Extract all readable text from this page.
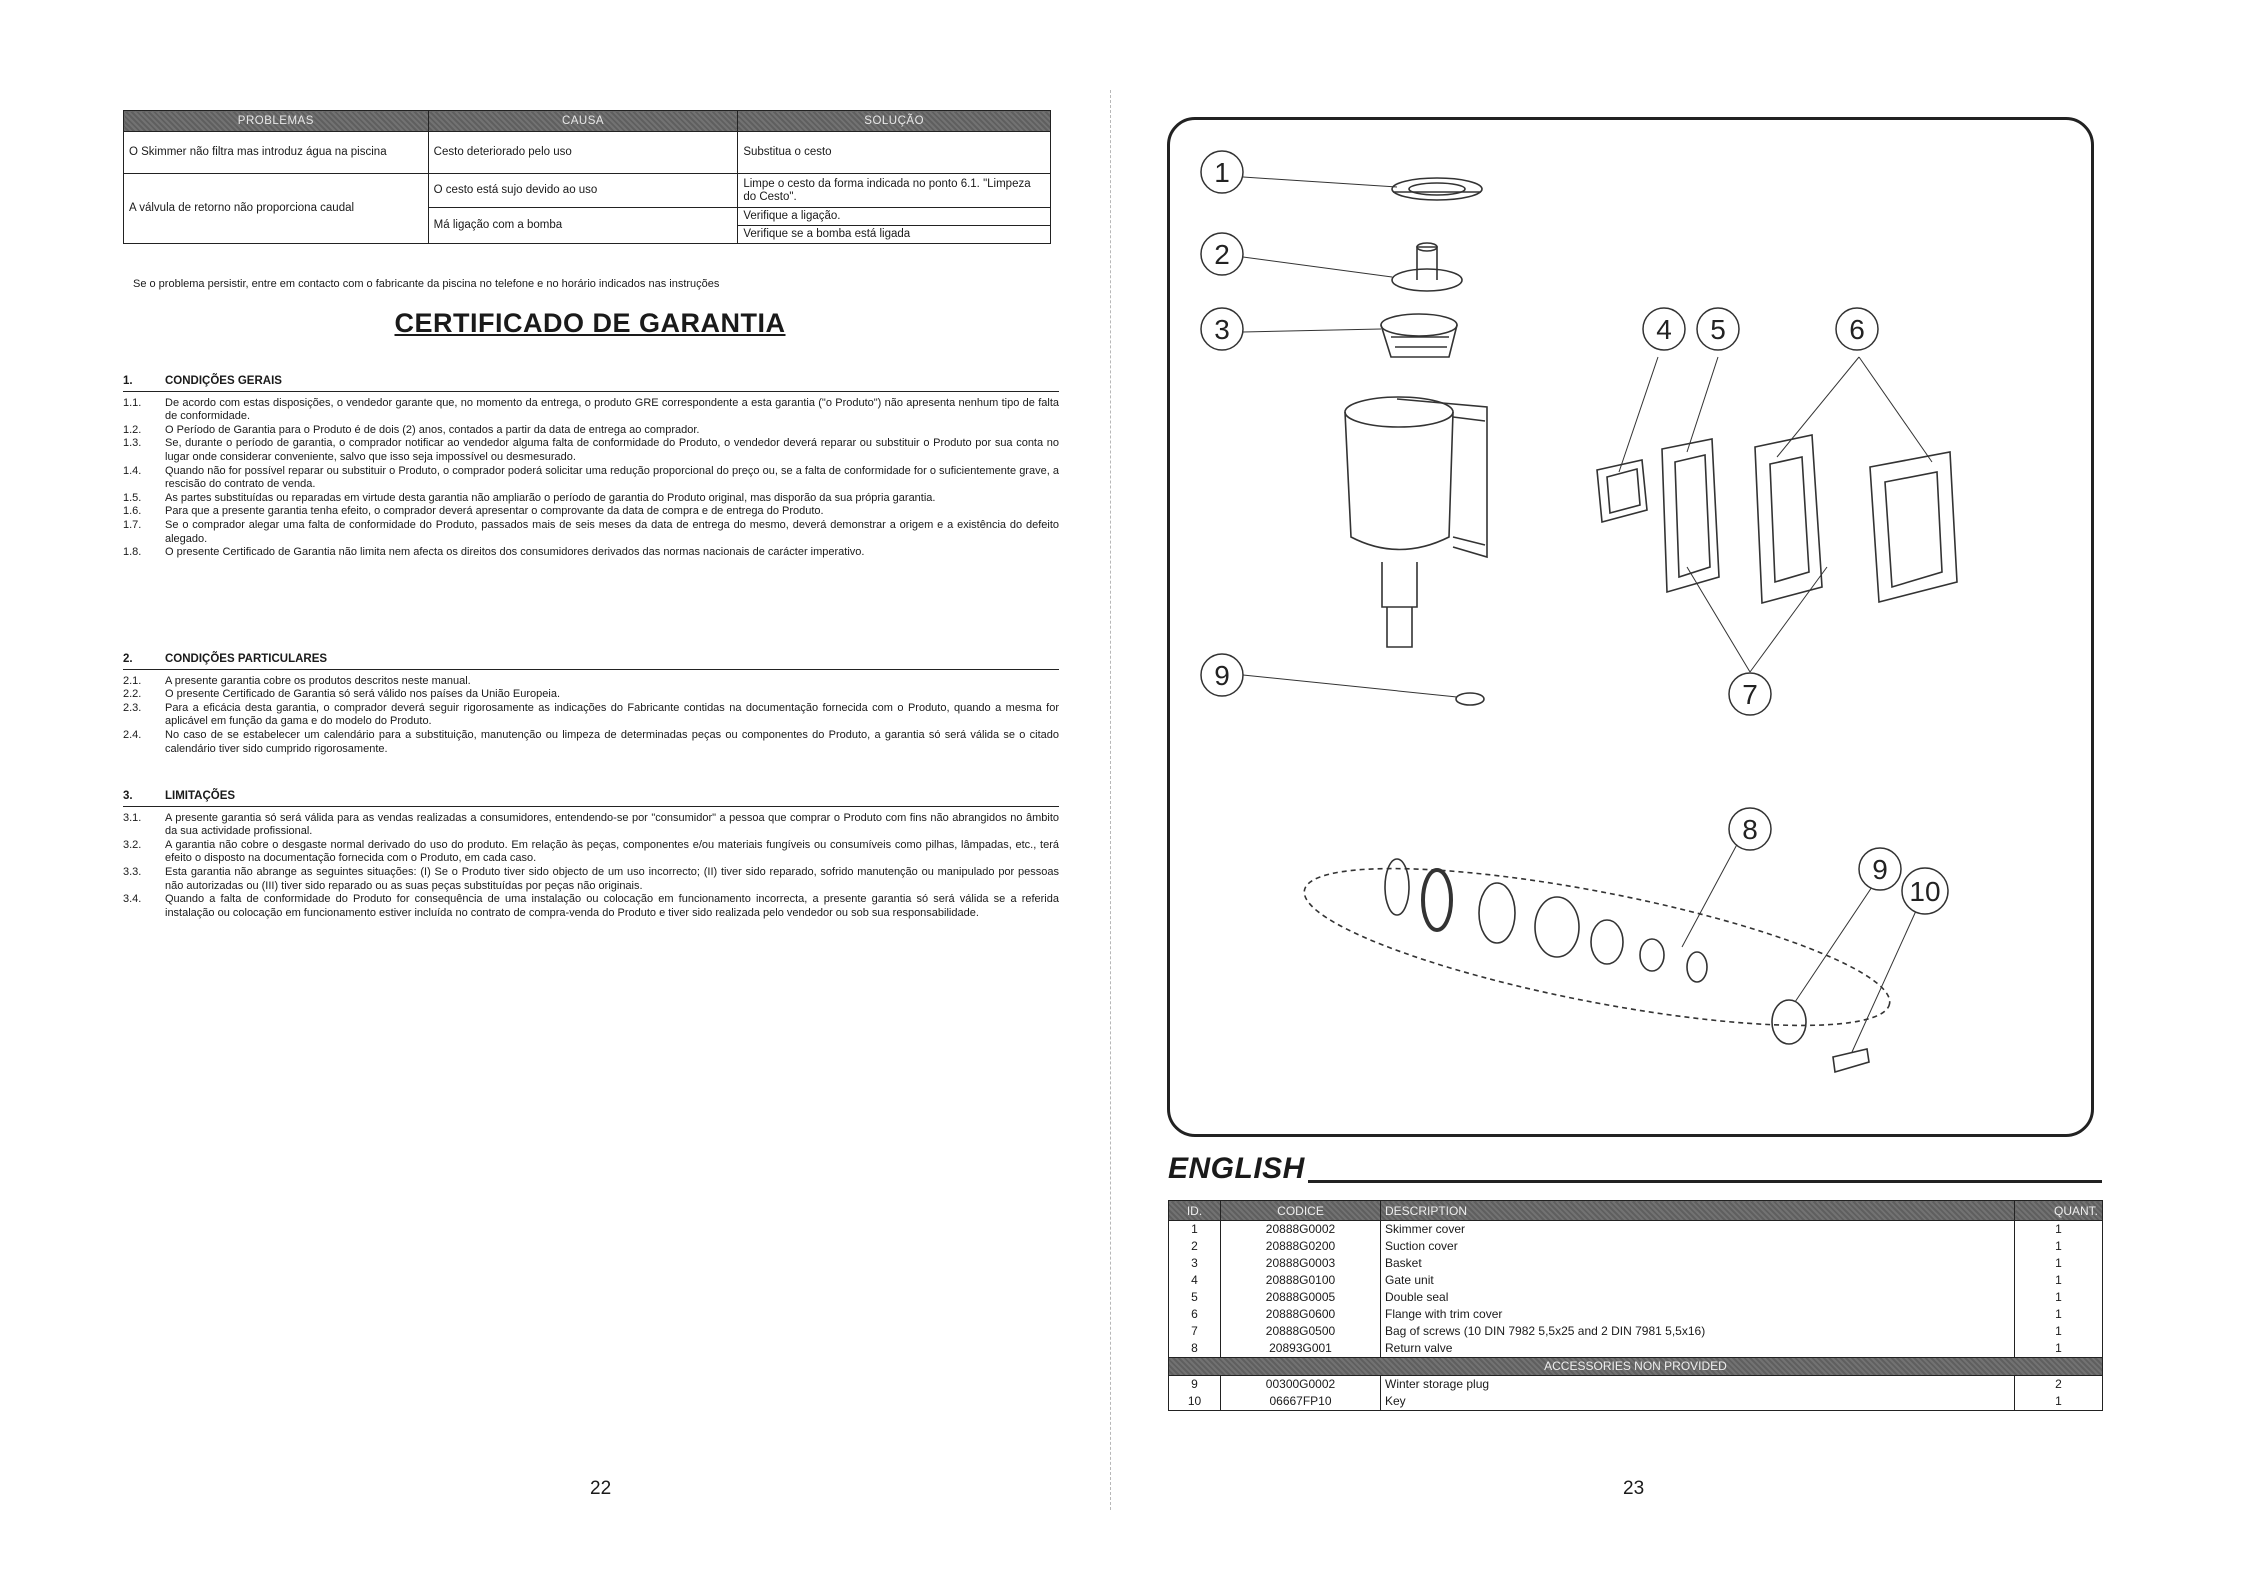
PROBLEMAS	CAUSA	SOLUÇÃO
O Skimmer não filtra mas introduz água na piscina	Cesto deteriorado pelo uso	Substitua o cesto
A válvula de retorno não proporciona caudal	O cesto está sujo devido ao uso	Limpe o cesto da forma indicada no ponto 6.1. "Limpeza do Cesto".
	Má ligação com a bomba	Verifique a ligação.
		Verifique se a bomba está ligada
Se o problema persistir, entre em contacto com o fabricante da piscina no telefone e no horário indicados nas instruções
CERTIFICADO DE GARANTIA
1.	CONDIÇÕES GERAIS
1.1.	De acordo com estas disposições, o vendedor garante que, no momento da entrega, o produto GRE correspondente a esta garantia ("o Produto") não apresenta nenhum tipo de falta de conformidade.
1.2.	O Período de Garantia para o Produto é de dois (2) anos, contados a partir da data de entrega ao comprador.
1.3.	Se, durante o período de garantia, o comprador notificar ao vendedor alguma falta de conformidade do Produto, o vendedor deverá reparar ou substituir o Produto por sua conta no lugar onde considerar conveniente, salvo que isso seja impossível ou desmesurado.
1.4.	Quando não for possível reparar ou substituir o Produto, o comprador poderá solicitar uma redução proporcional do preço ou, se a falta de conformidade for o suficientemente grave, a rescisão do contrato de venda.
1.5.	As partes substituídas ou reparadas em virtude desta garantia não ampliarão o período de garantia do Produto original, mas disporão da sua própria garantia.
1.6.	Para que a presente garantia tenha efeito, o comprador deverá apresentar o comprovante da data de compra e de entrega do Produto.
1.7.	Se o comprador alegar uma falta de conformidade do Produto, passados mais de seis meses da data de entrega do mesmo, deverá demonstrar a origem e a existência do defeito alegado.
1.8.	O presente Certificado de Garantia não limita nem afecta os direitos dos consumidores derivados das normas nacionais de carácter imperativo.
2.	CONDIÇÕES PARTICULARES
2.1.	A presente garantia cobre os produtos descritos neste manual.
2.2.	O presente Certificado de Garantia só será válido nos países da União Europeia.
2.3.	Para a eficácia desta garantia, o comprador deverá seguir rigorosamente as indicações do Fabricante contidas na documentação fornecida com o Produto, quando a mesma for aplicável em função da gama e do modelo do Produto.
2.4.	No caso de se estabelecer um calendário para a substituição, manutenção ou limpeza de determinadas peças ou componentes do Produto, a garantia só será válida se o citado calendário tiver sido cumprido rigorosamente.
3.	LIMITAÇÕES
3.1.	A presente garantia só será válida para as vendas realizadas a consumidores, entendendo-se por "consumidor" a pessoa que comprar o Produto com fins não abrangidos no âmbito da sua actividade profissional.
3.2.	A garantia não cobre o desgaste normal derivado do uso do produto. Em relação às peças, componentes e/ou materiais fungíveis ou consumíveis como pilhas, lâmpadas, etc., terá efeito o disposto na documentação fornecida com o Produto, em cada caso.
3.3.	Esta garantia não abrange as seguintes situações: (I) Se o Produto tiver sido objecto de um uso incorrecto; (II) tiver sido reparado, sofrido manutenção ou manipulado por pessoas não autorizadas ou (III) tiver sido reparado ou as suas peças substituídas por peças não originais.
3.4.	Quando a falta de conformidade do Produto for consequência de uma instalação ou colocação em funcionamento incorrecta, a presente garantia só será válida se a referida instalação ou colocação em funcionamento estiver incluída no contrato de compra-venda do Produto e tiver sido realizada pelo vendedor ou sob sua responsabilidade.
22
1
2
3	4 5	6
7
8
9
9
10
ENGLISH
ID.	CODICE	DESCRIPTION	QUANT.
1	20888G0002	Skimmer cover	1
2	20888G0200	Suction cover	1
3	20888G0003	Basket	1
4	20888G0100	Gate unit	1
5	20888G0005	Double seal	1
6	20888G0600	Flange with trim cover	1
7	20888G0500	Bag of screws (10 DIN 7982 5,5x25 and 2 DIN 7981 5,5x16)	1
8	20893G001	Return valve	1
ACCESSORIES NON PROVIDED			
9	00300G0002	Winter storage plug	2
10	06667FP10	Key	1
23
